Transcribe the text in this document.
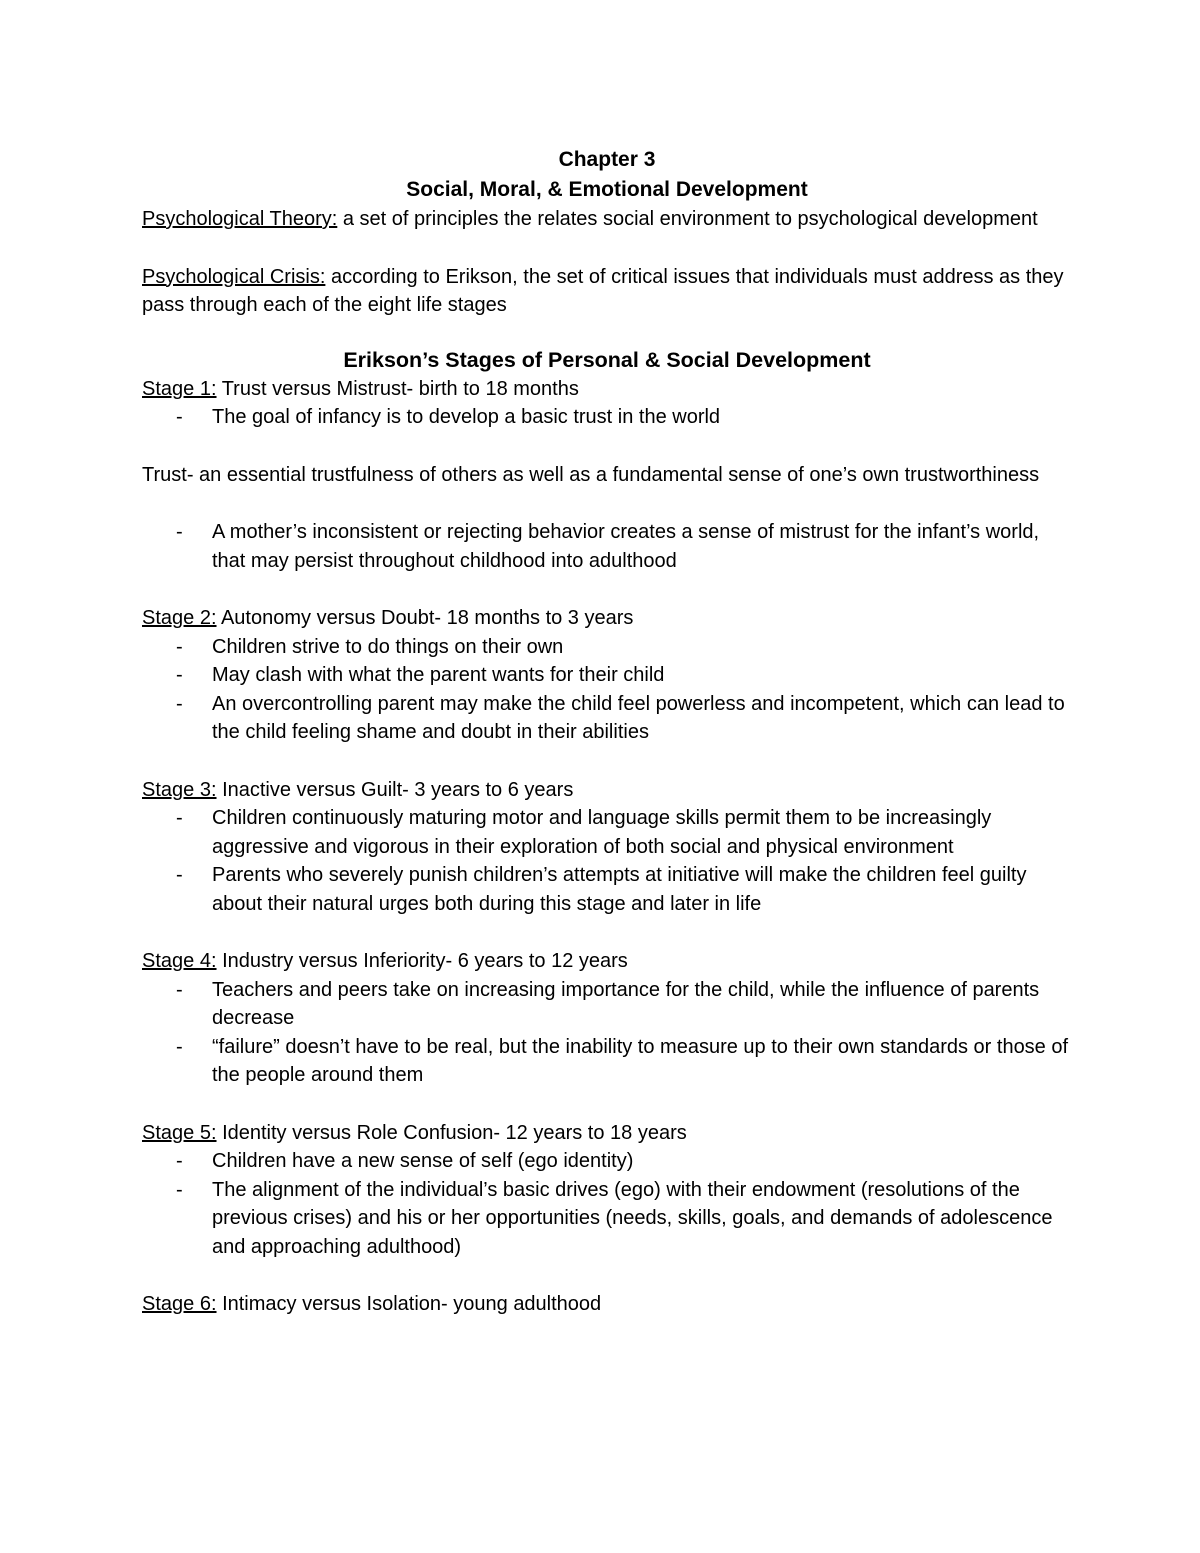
Chapter 3
Social, Moral, & Emotional Development

Psychological Theory: a set of principles the relates social environment to psychological development

Psychological Crisis: according to Erikson, the set of critical issues that individuals must address as they pass through each of the eight life stages

Erikson’s Stages of Personal & Social Development

Stage 1: Trust versus Mistrust- birth to 18 months

- The goal of infancy is to develop a basic trust in the world

Trust- an essential trustfulness of others as well as a fundamental sense of one’s own trustworthiness

- A mother’s inconsistent or rejecting behavior creates a sense of mistrust for the infant’s world, that may persist throughout childhood into adulthood

Stage 2: Autonomy versus Doubt- 18 months to 3 years

- Children strive to do things on their own
- May clash with what the parent wants for their child
- An overcontrolling parent may make the child feel powerless and incompetent, which can lead to the child feeling shame and doubt in their abilities

Stage 3: Inactive versus Guilt- 3 years to 6 years

- Children continuously maturing motor and language skills permit them to be increasingly aggressive and vigorous in their exploration of both social and physical environment
- Parents who severely punish children’s attempts at initiative will make the children feel guilty about their natural urges both during this stage and later in life

Stage 4: Industry versus Inferiority- 6 years to 12 years

- Teachers and peers take on increasing importance for the child, while the influence of parents decrease
- “failure” doesn’t have to be real, but the inability to measure up to their own standards or those of the people around them

Stage 5: Identity versus Role Confusion- 12 years to 18 years

- Children have a new sense of self (ego identity)
- The alignment of the individual’s basic drives (ego) with their endowment (resolutions of the previous crises) and his or her opportunities (needs, skills, goals, and demands of adolescence and approaching adulthood)

Stage 6: Intimacy versus Isolation- young adulthood
